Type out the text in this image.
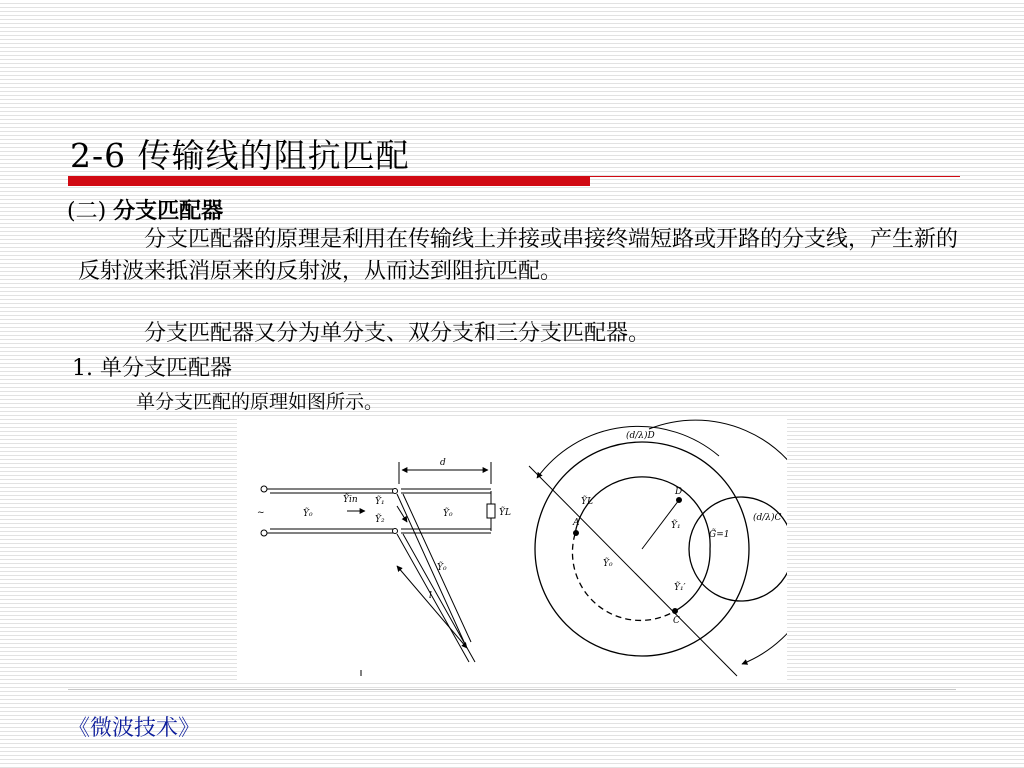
2-6 传输线的阻抗匹配
(二) 分支匹配器
分支匹配器的原理是利用在传输线上并接或串接终端短路或开路的分支线，产生新的反射波来抵消原来的反射波，从而达到阻抗匹配。
分支匹配器又分为单分支、双分支和三分支匹配器。
1. 单分支匹配器
单分支匹配的原理如图所示。
d
~	Ỹ₀
Ỹin Ỹ₁
Ỹ₂
Ỹ₀	ỸL
Ỹ₀
l
(d/λ)D
(d/λ)C
ỸL
D
A	Ỹ₁
G̃=1
Ỹ₀
Ỹ₁′
C
《微波技术》
